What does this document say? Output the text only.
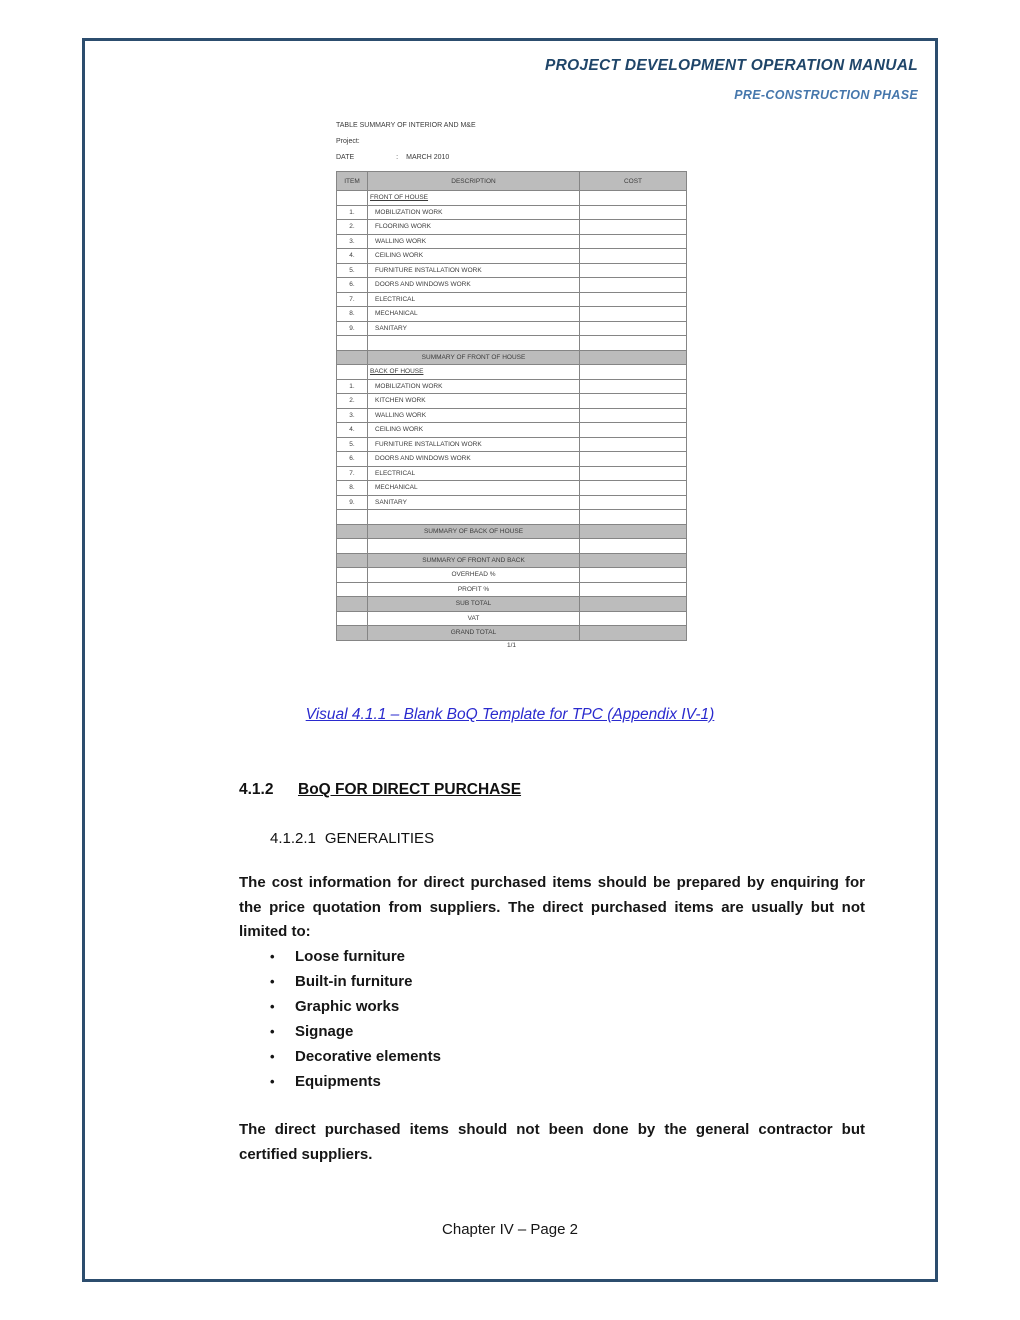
PROJECT DEVELOPMENT OPERATION MANUAL
PRE-CONSTRUCTION PHASE
TABLE SUMMARY OF INTERIOR AND M&E
Project:
DATE	: MARCH 2010
ITEM	DESCRIPTION	COST
	FRONT OF HOUSE	
1.	MOBILIZATION WORK	
2.	FLOORING WORK	
3.	WALLING WORK	
4.	CEILING WORK	
5.	FURNITURE INSTALLATION WORK	
6.	DOORS AND WINDOWS WORK	
7.	ELECTRICAL	
8.	MECHANICAL	
9.	SANITARY	

	SUMMARY OF FRONT OF HOUSE	
	BACK OF HOUSE	
1.	MOBILIZATION WORK	
2.	KITCHEN WORK	
3.	WALLING WORK	
4.	CEILING WORK	
5.	FURNITURE INSTALLATION WORK	
6.	DOORS AND WINDOWS WORK	
7.	ELECTRICAL	
8.	MECHANICAL	
9.	SANITARY	

	SUMMARY OF BACK OF HOUSE	

	SUMMARY OF FRONT AND BACK	
	OVERHEAD %	
	PROFIT %	
	SUB TOTAL	
	VAT	
	GRAND TOTAL	
1/1
Visual 4.1.1 – Blank BoQ Template for TPC (Appendix IV-1)
4.1.2 BoQ FOR DIRECT PURCHASE
4.1.2.1 GENERALITIES
The cost information for direct purchased items should be prepared by enquiring for the price quotation from suppliers. The direct purchased items are usually but not limited to:
•	Loose furniture
•	Built-in furniture
•	Graphic works
•	Signage
•	Decorative elements
•	Equipments
The direct purchased items should not been done by the general contractor but certified suppliers.
Chapter IV – Page 2
